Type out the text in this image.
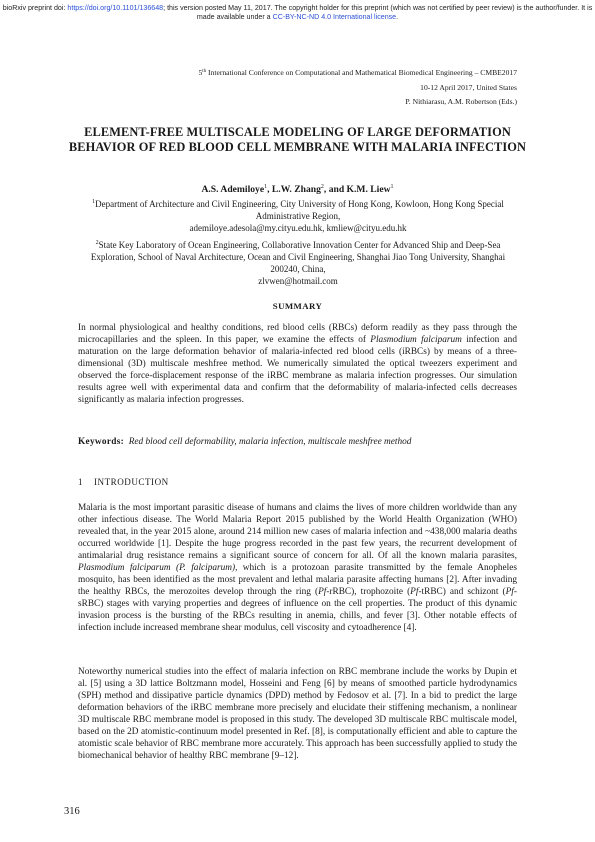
bioRxiv preprint doi: https://doi.org/10.1101/136648; this version posted May 11, 2017. The copyright holder for this preprint (which was not certified by peer review) is the author/funder. It is made available under a CC-BY-NC-ND 4.0 International license.
5th International Conference on Computational and Mathematical Biomedical Engineering – CMBE2017
10-12 April 2017, United States
P. Nithiarasu, A.M. Robertson (Eds.)
ELEMENT-FREE MULTISCALE MODELING OF LARGE DEFORMATION BEHAVIOR OF RED BLOOD CELL MEMBRANE WITH MALARIA INFECTION
A.S. Ademiloye$^1$, L.W. Zhang$^2$, and K.M. Liew$^1$
$^1$Department of Architecture and Civil Engineering, City University of Hong Kong, Kowloon, Hong Kong Special Administrative Region,
ademiloye.adesola@my.cityu.edu.hk, kmliew@cityu.edu.hk
$^2$State Key Laboratory of Ocean Engineering, Collaborative Innovation Center for Advanced Ship and Deep-Sea Exploration, School of Naval Architecture, Ocean and Civil Engineering, Shanghai Jiao Tong University, Shanghai 200240, China,
zlvwen@hotmail.com
SUMMARY
In normal physiological and healthy conditions, red blood cells (RBCs) deform readily as they pass through the microcapillaries and the spleen. In this paper, we examine the effects of Plasmodium falciparum infection and maturation on the large deformation behavior of malaria-infected red blood cells (iRBCs) by means of a three-dimensional (3D) multiscale meshfree method. We numerically simulated the optical tweezers experiment and observed the force-displacement response of the iRBC membrane as malaria infection progresses. Our simulation results agree well with experimental data and confirm that the deformability of malaria-infected cells decreases significantly as malaria infection progresses.
Keywords: Red blood cell deformability, malaria infection, multiscale meshfree method
1 INTRODUCTION
Malaria is the most important parasitic disease of humans and claims the lives of more children worldwide than any other infectious disease. The World Malaria Report 2015 published by the World Health Organization (WHO) revealed that, in the year 2015 alone, around 214 million new cases of malaria infection and ~438,000 malaria deaths occurred worldwide [1]. Despite the huge progress recorded in the past few years, the recurrent development of antimalarial drug resistance remains a significant source of concern for all. Of all the known malaria parasites, Plasmodium falciparum (P. falciparum), which is a protozoan parasite transmitted by the female Anopheles mosquito, has been identified as the most prevalent and lethal malaria parasite affecting humans [2]. After invading the healthy RBCs, the merozoites develop through the ring (Pf-rRBC), trophozoite (Pf-tRBC) and schizont (Pf-sRBC) stages with varying properties and degrees of influence on the cell properties. The product of this dynamic invasion process is the bursting of the RBCs resulting in anemia, chills, and fever [3]. Other notable effects of infection include increased membrane shear modulus, cell viscosity and cytoadherence [4].
Noteworthy numerical studies into the effect of malaria infection on RBC membrane include the works by Dupin et al. [5] using a 3D lattice Boltzmann model, Hosseini and Feng [6] by means of smoothed particle hydrodynamics (SPH) method and dissipative particle dynamics (DPD) method by Fedosov et al. [7]. In a bid to predict the large deformation behaviors of the iRBC membrane more precisely and elucidate their stiffening mechanism, a nonlinear 3D multiscale RBC membrane model is proposed in this study. The developed 3D multiscale RBC multiscale model, based on the 2D atomistic-continuum model presented in Ref. [8], is computationally efficient and able to capture the atomistic scale behavior of RBC membrane more accurately. This approach has been successfully applied to study the biomechanical behavior of healthy RBC membrane [9–12].
316
